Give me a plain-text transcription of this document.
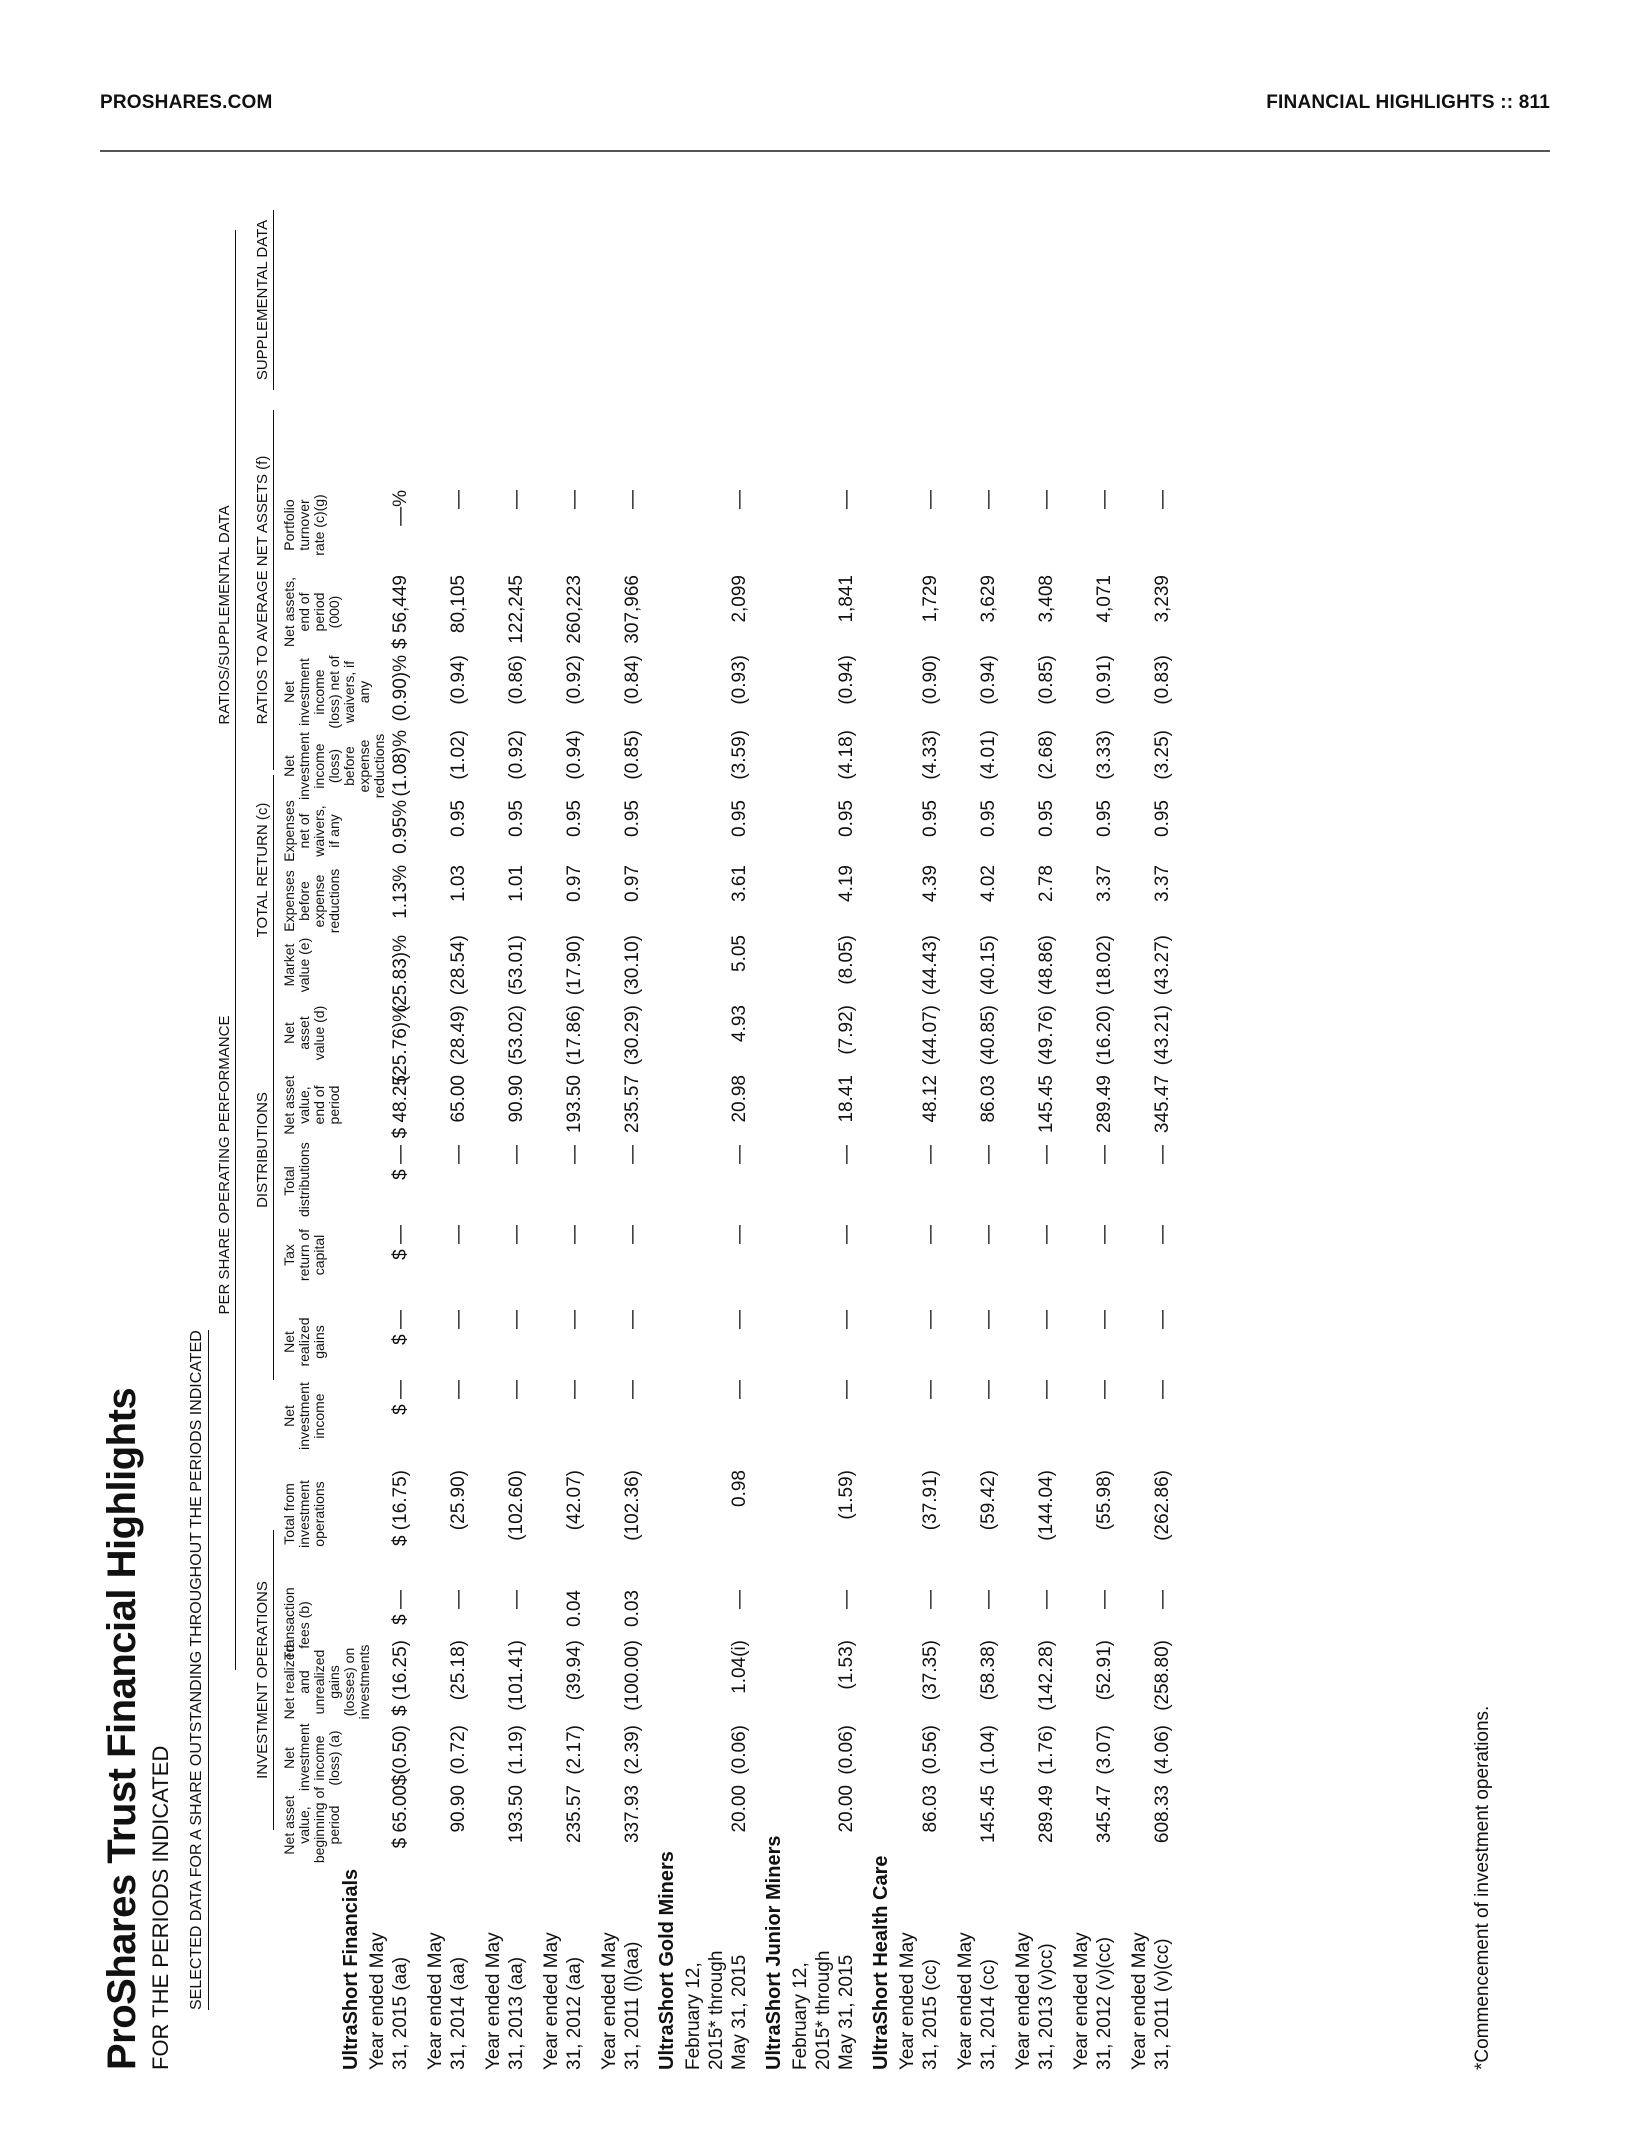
PROSHARES.COM	FINANCIAL HIGHLIGHTS :: 811
ProShares Trust Financial Highlights FOR THE PERIODS INDICATED SELECTED DATA FOR A SHARE OUTSTANDING THROUGHOUT THE PERIODS INDICATED
PER SHARE OPERATING PERFORMANCE
RATIOS/SUPPLEMENTAL DATA
INVESTMENT OPERATIONS
DISTRIBUTIONS
TOTAL RETURN (c)
RATIOS TO AVERAGE NET ASSETS (f)
SUPPLEMENTAL DATA
Net asset value, beginning of period
Net investment income (loss) (a)
Net realized and unrealized gains (losses) on investments
Transaction fees (b)
Total from investment operations
Net investment income
Net realized gains
Tax return of capital
Total distributions
Net asset value, end of period
Net asset value (d)
Market value (e)
Expenses before expense reductions
Expenses net of waivers, if any
Net investment income (loss) before expense reductions
Net investment income (loss) net of waivers, if any
Net assets, end of period (000)
Portfolio turnover rate (c)(g)
UltraShort Financials Year ended May 31, 2015 (aa)
$ 65.00
$(0.50)
$ (16.25)
$ —
$ (16.75)
$ —
$ —
$ —
$ —
$ 48.25
(25.76)%
(25.83)%
1.13%
0.95%
(1.08)%
(0.90)%
$ 56,449
—%
Year ended May 31, 2014 (aa)
90.90
(0.72)
(25.18)
—
(25.90)
—
—
—
—
65.00
(28.49)
(28.54)
1.03
0.95
(1.02)
(0.94)
80,105
—
Year ended May 31, 2013 (aa)
193.50
(1.19)
(101.41)
—
(102.60)
—
—
—
—
90.90
(53.02)
(53.01)
1.01
0.95
(0.92)
(0.86)
122,245
—
Year ended May 31, 2012 (aa)
235.57
(2.17)
(39.94)
0.04
(42.07)
—
—
—
—
193.50
(17.86)
(17.90)
0.97
0.95
(0.94)
(0.92)
260,223
—
Year ended May 31, 2011 (l)(aa)
337.93
(2.39)
(100.00)
0.03
(102.36)
—
—
—
—
235.57
(30.29)
(30.10)
0.97
0.95
(0.85)
(0.84)
307,966
—
UltraShort Gold Miners February 12, 2015* through May 31, 2015
20.00
(0.06)
1.04(i)
—
0.98
—
—
—
—
20.98
4.93
5.05
3.61
0.95
(3.59)
(0.93)
2,099
—
UltraShort Junior Miners February 12, 2015* through May 31, 2015
20.00
(0.06)
(1.53)
—
(1.59)
—
—
—
—
18.41
(7.92)
(8.05)
4.19
0.95
(4.18)
(0.94)
1,841
—
UltraShort Health Care Year ended May 31, 2015 (cc)
86.03
(0.56)
(37.35)
—
(37.91)
—
—
—
—
48.12
(44.07)
(44.43)
4.39
0.95
(4.33)
(0.90)
1,729
—
Year ended May 31, 2014 (cc)
145.45
(1.04)
(58.38)
—
(59.42)
—
—
—
—
86.03
(40.85)
(40.15)
4.02
0.95
(4.01)
(0.94)
3,629
—
Year ended May 31, 2013 (v)cc)
289.49
(1.76)
(142.28)
—
(144.04)
—
—
—
—
145.45
(49.76)
(48.86)
2.78
0.95
(2.68)
(0.85)
3,408
—
Year ended May 31, 2012 (v)(cc)
345.47
(3.07)
(52.91)
—
(55.98)
—
—
—
—
289.49
(16.20)
(18.02)
3.37
0.95
(3.33)
(0.91)
4,071
—
Year ended May 31, 2011 (v)(cc)
608.33
(4.06)
(258.80)
—
(262.86)
—
—
—
—
345.47
(43.21)
(43.27)
3.37
0.95
(3.25)
(0.83)
3,239
—
*Commencement of investment operations.
